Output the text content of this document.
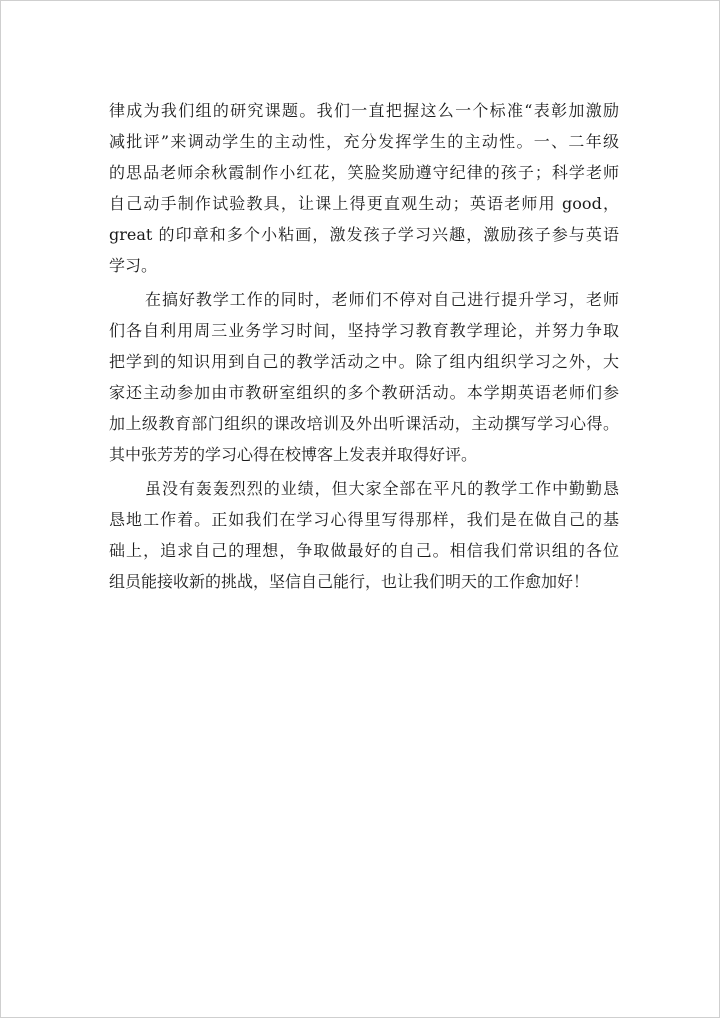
律成为我们组的研究课题。我们一直把握这么一个标准“表彰加激励
减批评”来调动学生的主动性，充分发挥学生的主动性。一、二年级
的思品老师余秋霞制作小红花，笑脸奖励遵守纪律的孩子；科学老师
自己动手制作试验教具，让课上得更直观生动；英语老师用 good，
great 的印章和多个小粘画，激发孩子学习兴趣，激励孩子参与英语
学习。
在搞好教学工作的同时，老师们不停对自己进行提升学习，老师
们各自利用周三业务学习时间，坚持学习教育教学理论，并努力争取
把学到的知识用到自己的教学活动之中。除了组内组织学习之外，大
家还主动参加由市教研室组织的多个教研活动。本学期英语老师们参
加上级教育部门组织的课改培训及外出听课活动，主动撰写学习心得。
其中张芳芳的学习心得在校博客上发表并取得好评。
虽没有轰轰烈烈的业绩，但大家全部在平凡的教学工作中勤勤恳
恳地工作着。正如我们在学习心得里写得那样，我们是在做自己的基
础上，追求自己的理想，争取做最好的自己。相信我们常识组的各位
组员能接收新的挑战，坚信自己能行，也让我们明天的工作愈加好！
